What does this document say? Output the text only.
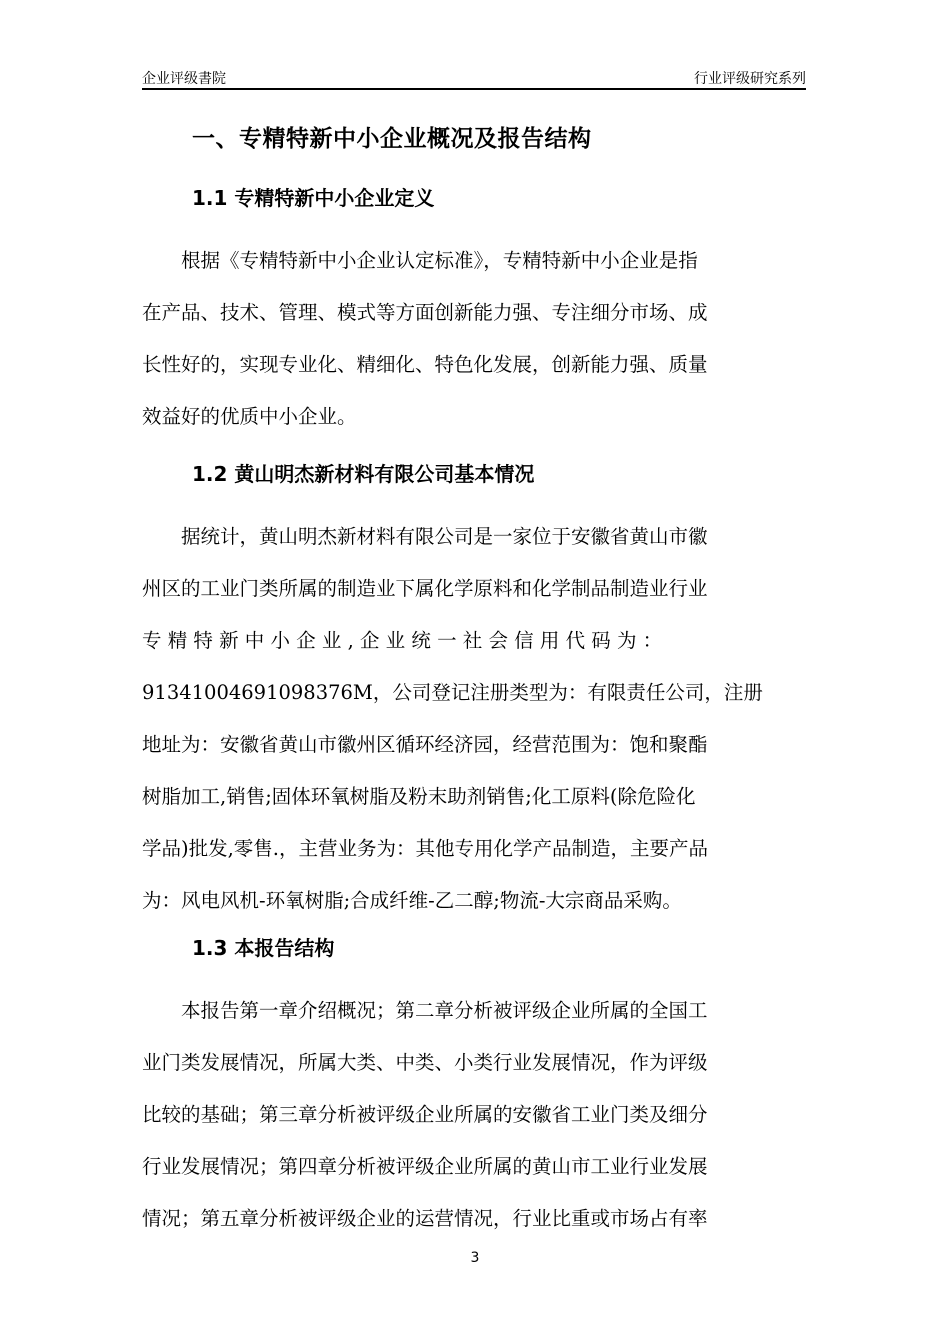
企业评级書院	行业评级研究系列
一、专精特新中小企业概况及报告结构
1.1 专精特新中小企业定义
　　根据《专精特新中小企业认定标准》，专精特新中小企业是指
在产品、技术、管理、模式等方面创新能力强、专注细分市场、成
长性好的，实现专业化、精细化、特色化发展，创新能力强、质量
效益好的优质中小企业。
1.2 黄山明杰新材料有限公司基本情况
　　据统计，黄山明杰新材料有限公司是一家位于安徽省黄山市徽
州区的工业门类所属的制造业下属化学原料和化学制品制造业行业
专 精 特 新 中 小 企 业 , 企 业 统 一 社 会 信 用 代 码 为 ：
91341004691098376M，公司登记注册类型为：有限责任公司，注册
地址为：安徽省黄山市徽州区循环经济园，经营范围为：饱和聚酯
树脂加工,销售;固体环氧树脂及粉末助剂销售;化工原料(除危险化
学品)批发,零售.，主营业务为：其他专用化学产品制造，主要产品
为：风电风机-环氧树脂;合成纤维-乙二醇;物流-大宗商品采购。
1.3 本报告结构
　　本报告第一章介绍概况；第二章分析被评级企业所属的全国工
业门类发展情况，所属大类、中类、小类行业发展情况，作为评级
比较的基础；第三章分析被评级企业所属的安徽省工业门类及细分
行业发展情况；第四章分析被评级企业所属的黄山市工业行业发展
情况；第五章分析被评级企业的运营情况，行业比重或市场占有率
3
